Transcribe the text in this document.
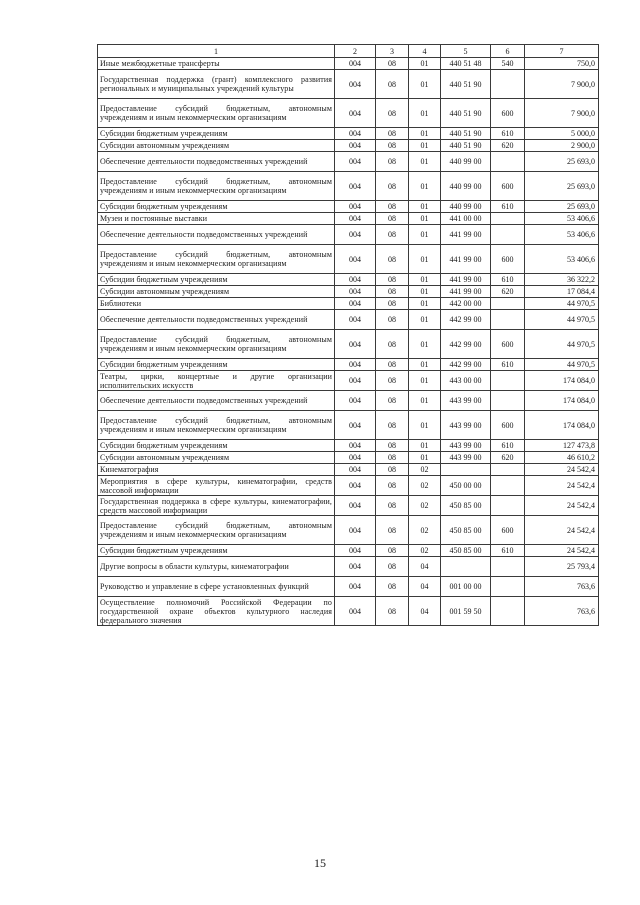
1	2	3	4	5	6	7
Иные межбюджетные трансферты	004	08	01	440 51 48	540	750,0
Государственная поддержка (грант) комплексного развития региональных и муниципальных учреждений культуры	004	08	01	440 51 90		7 900,0
Предоставление субсидий бюджетным, автономным учреждениям и иным некоммерческим организациям	004	08	01	440 51 90	600	7 900,0
Субсидии бюджетным учреждениям	004	08	01	440 51 90	610	5 000,0
Субсидии автономным учреждениям	004	08	01	440 51 90	620	2 900,0
Обеспечение деятельности подведомственных учреждений	004	08	01	440 99 00		25 693,0
Предоставление субсидий бюджетным, автономным учреждениям и иным некоммерческим организациям	004	08	01	440 99 00	600	25 693,0
Субсидии бюджетным учреждениям	004	08	01	440 99 00	610	25 693,0
Музеи и постоянные выставки	004	08	01	441 00 00		53 406,6
Обеспечение деятельности подведомственных учреждений	004	08	01	441 99 00		53 406,6
Предоставление субсидий бюджетным, автономным учреждениям и иным некоммерческим организациям	004	08	01	441 99 00	600	53 406,6
Субсидии бюджетным учреждениям	004	08	01	441 99 00	610	36 322,2
Субсидии автономным учреждениям	004	08	01	441 99 00	620	17 084,4
Библиотеки	004	08	01	442 00 00		44 970,5
Обеспечение деятельности подведомственных учреждений	004	08	01	442 99 00		44 970,5
Предоставление субсидий бюджетным, автономным учреждениям и иным некоммерческим организациям	004	08	01	442 99 00	600	44 970,5
Субсидии бюджетным учреждениям	004	08	01	442 99 00	610	44 970,5
Театры, цирки, концертные и другие организации исполнительских искусств	004	08	01	443 00 00		174 084,0
Обеспечение деятельности подведомственных учреждений	004	08	01	443 99 00		174 084,0
Предоставление субсидий бюджетным, автономным учреждениям и иным некоммерческим организациям	004	08	01	443 99 00	600	174 084,0
Субсидии бюджетным учреждениям	004	08	01	443 99 00	610	127 473,8
Субсидии автономным учреждениям	004	08	01	443 99 00	620	46 610,2
Кинематография	004	08	02			24 542,4
Мероприятия в сфере культуры, кинематографии, средств массовой информации	004	08	02	450 00 00		24 542,4
Государственная поддержка в сфере культуры, кинематографии, средств массовой информации	004	08	02	450 85 00		24 542,4
Предоставление субсидий бюджетным, автономным учреждениям и иным некоммерческим организациям	004	08	02	450 85 00	600	24 542,4
Субсидии бюджетным учреждениям	004	08	02	450 85 00	610	24 542,4
Другие вопросы в области культуры, кинематографии	004	08	04			25 793,4
Руководство и управление в сфере установленных функций	004	08	04	001 00 00		763,6
Осуществление полномочий Российской Федерации по государственной охране объектов культурного наследия федерального значения	004	08	04	001 59 50		763,6
15
